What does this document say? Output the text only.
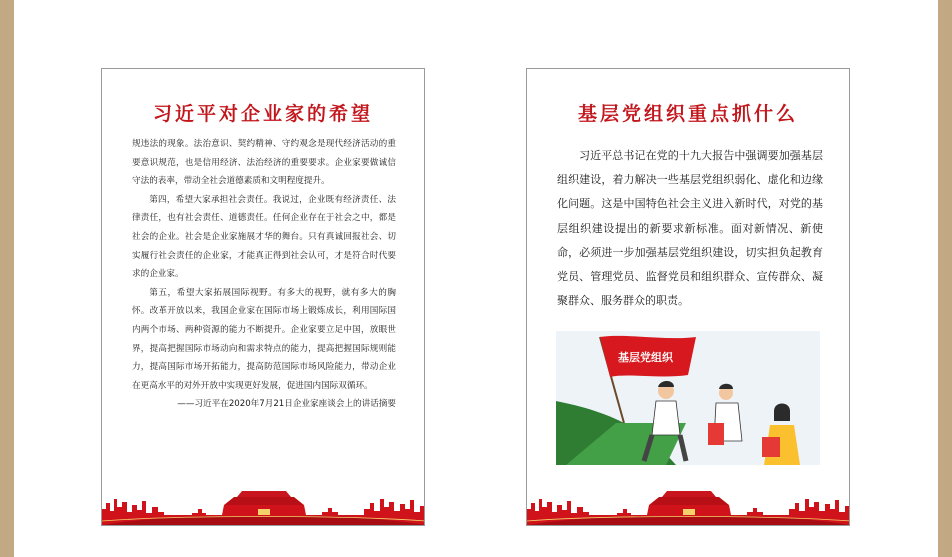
习近平对企业家的希望

规违法的现象。法治意识、契约精神、守约观念是现代经济活动的重要意识规范，也是信用经济、法治经济的重要要求。企业家要做诚信守法的表率，带动全社会道德素质和文明程度提升。

第四，希望大家承担社会责任。我说过，企业既有经济责任、法律责任，也有社会责任、道德责任。任何企业存在于社会之中，都是社会的企业。社会是企业家施展才华的舞台。只有真诚回报社会、切实履行社会责任的企业家，才能真正得到社会认可，才是符合时代要求的企业家。

第五，希望大家拓展国际视野。有多大的视野，就有多大的胸怀。改革开放以来，我国企业家在国际市场上锻炼成长，利用国际国内两个市场、两种资源的能力不断提升。企业家要立足中国，放眼世界，提高把握国际市场动向和需求特点的能力，提高把握国际规则能力，提高国际市场开拓能力，提高防范国际市场风险能力，带动企业在更高水平的对外开放中实现更好发展，促进国内国际双循环。

——习近平在2020年7月21日企业家座谈会上的讲话摘要

基层党组织重点抓什么

习近平总书记在党的十九大报告中强调要加强基层组织建设，着力解决一些基层党组织弱化、虚化和边缘化问题。这是中国特色社会主义进入新时代，对党的基层组织建设提出的新要求新标准。面对新情况、新使命，必须进一步加强基层党组织建设，切实担负起教育党员、管理党员、监督党员和组织群众、宣传群众、凝聚群众、服务群众的职责。

基层党组织
